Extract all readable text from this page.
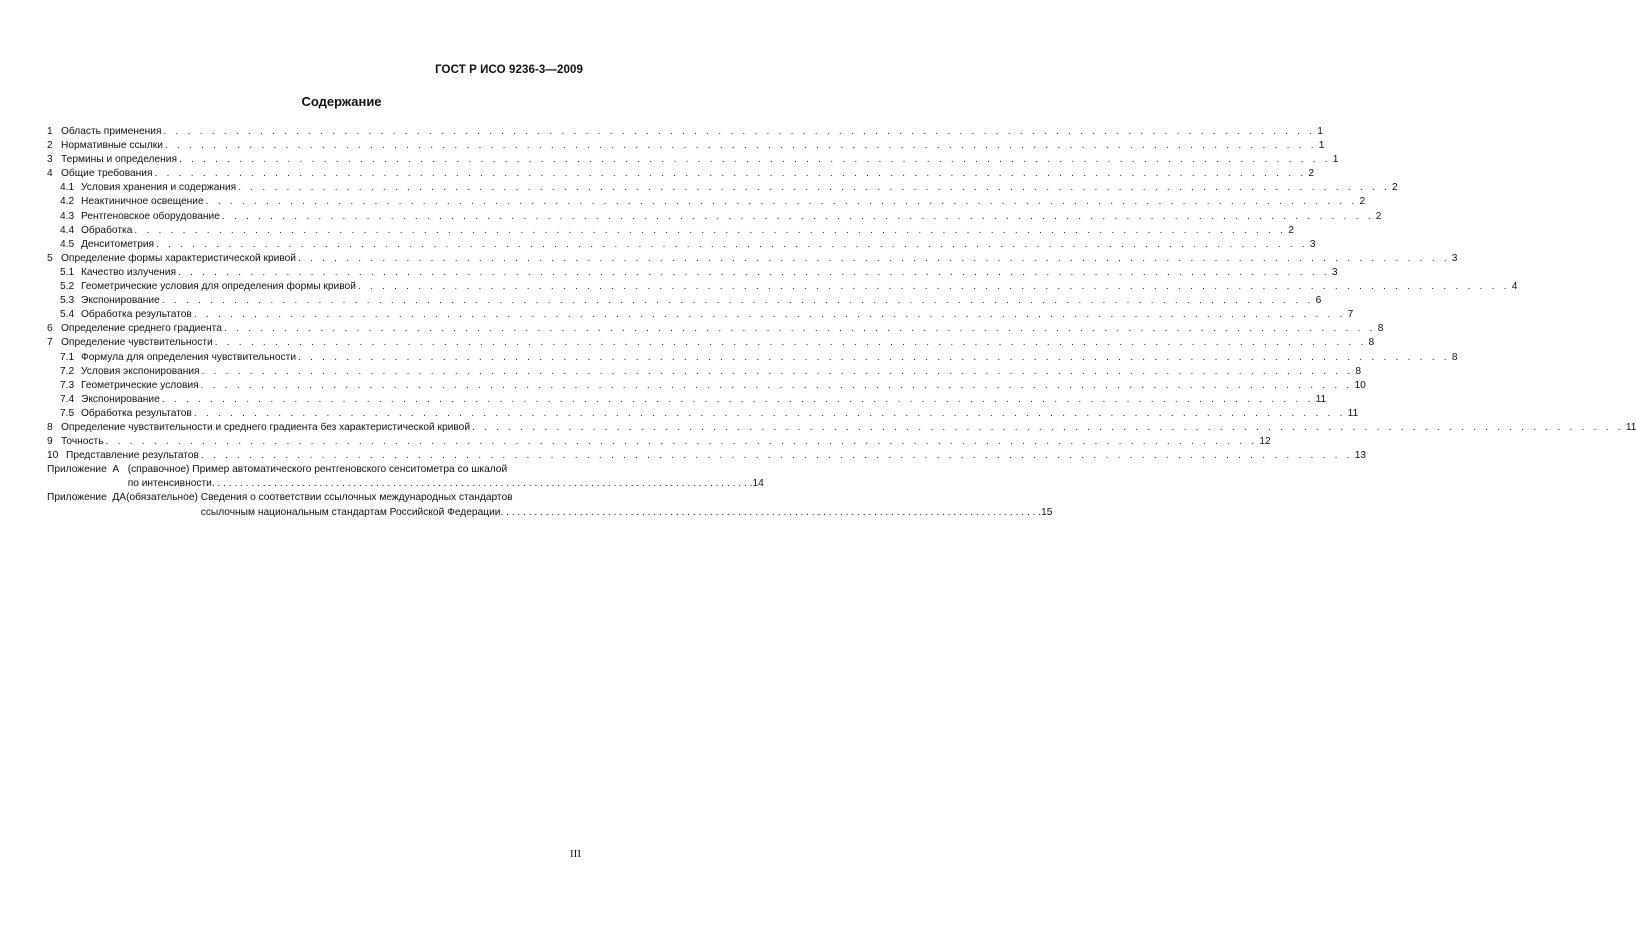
ГОСТ Р ИСО 9236-3—2009
Содержание
1 Область применения . . . . . . . . . . . . . . . . . . . . . . . . . . . . . . . . . . . . . . . . . . . . . . . . . . . . . . . . . . . . . . . . . . . . . . . . . . . . . . . . . . . . . . . . . . . . . . . . 1
2 Нормативные ссылки . . . . . . . . . . . . . . . . . . . . . . . . . . . . . . . . . . . . . . . . . . . . . . . . . . . . . . . . . . . . . . . . . . . . . . . . . . . . . . . . . . . . . . . . . . . . . . . . 1
3 Термины и определения . . . . . . . . . . . . . . . . . . . . . . . . . . . . . . . . . . . . . . . . . . . . . . . . . . . . . . . . . . . . . . . . . . . . . . . . . . . . . . . . . . . . . . . . . . . . . . . . 1
4 Общие требования . . . . . . . . . . . . . . . . . . . . . . . . . . . . . . . . . . . . . . . . . . . . . . . . . . . . . . . . . . . . . . . . . . . . . . . . . . . . . . . . . . . . . . . . . . . . . . . . 2
4.1 Условия хранения и содержания . . . . . . . . . . . . . . . . . . . . . . . . . . . . . . . . . . . . . . . . . . . . . . . . . . . . . . . . . . . . . . . . . . . . . . . . . . . . . . . . . . . . . . . . . . . . . . . . 2
4.2 Неактиничное освещение . . . . . . . . . . . . . . . . . . . . . . . . . . . . . . . . . . . . . . . . . . . . . . . . . . . . . . . . . . . . . . . . . . . . . . . . . . . . . . . . . . . . . . . . . . . . . . . . 2
4.3 Рентгеновское оборудование . . . . . . . . . . . . . . . . . . . . . . . . . . . . . . . . . . . . . . . . . . . . . . . . . . . . . . . . . . . . . . . . . . . . . . . . . . . . . . . . . . . . . . . . . . . . . . . . 2
4.4 Обработка . . . . . . . . . . . . . . . . . . . . . . . . . . . . . . . . . . . . . . . . . . . . . . . . . . . . . . . . . . . . . . . . . . . . . . . . . . . . . . . . . . . . . . . . . . . . . . . . 2
4.5 Денситометрия . . . . . . . . . . . . . . . . . . . . . . . . . . . . . . . . . . . . . . . . . . . . . . . . . . . . . . . . . . . . . . . . . . . . . . . . . . . . . . . . . . . . . . . . . . . . . . . . 3
5 Определение формы характеристической кривой . . . . . . . . . . . . . . . . . . . . . . . . . . . . . . . . . . . . . . . . . . . . . . . . . . . . . . . . . . . . . . . . . . . . . . . . . . . . . . . . . . . . . . . . . . . . . . . . 3
5.1 Качество излучения . . . . . . . . . . . . . . . . . . . . . . . . . . . . . . . . . . . . . . . . . . . . . . . . . . . . . . . . . . . . . . . . . . . . . . . . . . . . . . . . . . . . . . . . . . . . . . . . 3
5.2 Геометрические условия для определения формы кривой . . . . . . . . . . . . . . . . . . . . . . . . . . . . . . . . . . . . . . . . . . . . . . . . . . . . . . . . . . . . . . . . . . . . . . . . . . . . . . . . . . . . . . . . . . . . . . . . 4
5.3 Экспонирование . . . . . . . . . . . . . . . . . . . . . . . . . . . . . . . . . . . . . . . . . . . . . . . . . . . . . . . . . . . . . . . . . . . . . . . . . . . . . . . . . . . . . . . . . . . . . . . . 6
5.4 Обработка результатов . . . . . . . . . . . . . . . . . . . . . . . . . . . . . . . . . . . . . . . . . . . . . . . . . . . . . . . . . . . . . . . . . . . . . . . . . . . . . . . . . . . . . . . . . . . . . . . . 7
6 Определение среднего градиента . . . . . . . . . . . . . . . . . . . . . . . . . . . . . . . . . . . . . . . . . . . . . . . . . . . . . . . . . . . . . . . . . . . . . . . . . . . . . . . . . . . . . . . . . . . . . . . . 8
7 Определение чувствительности . . . . . . . . . . . . . . . . . . . . . . . . . . . . . . . . . . . . . . . . . . . . . . . . . . . . . . . . . . . . . . . . . . . . . . . . . . . . . . . . . . . . . . . . . . . . . . . . 8
7.1 Формула для определения чувствительности . . . . . . . . . . . . . . . . . . . . . . . . . . . . . . . . . . . . . . . . . . . . . . . . . . . . . . . . . . . . . . . . . . . . . . . . . . . . . . . . . . . . . . . . . . . . . . . . 8
7.2 Условия экспонирования . . . . . . . . . . . . . . . . . . . . . . . . . . . . . . . . . . . . . . . . . . . . . . . . . . . . . . . . . . . . . . . . . . . . . . . . . . . . . . . . . . . . . . . . . . . . . . . . 8
7.3 Геометрические условия . . . . . . . . . . . . . . . . . . . . . . . . . . . . . . . . . . . . . . . . . . . . . . . . . . . . . . . . . . . . . . . . . . . . . . . . . . . . . . . . . . . . . . . . . . . . . . . . 10
7.4 Экспонирование . . . . . . . . . . . . . . . . . . . . . . . . . . . . . . . . . . . . . . . . . . . . . . . . . . . . . . . . . . . . . . . . . . . . . . . . . . . . . . . . . . . . . . . . . . . . . . . . 11
7.5 Обработка результатов . . . . . . . . . . . . . . . . . . . . . . . . . . . . . . . . . . . . . . . . . . . . . . . . . . . . . . . . . . . . . . . . . . . . . . . . . . . . . . . . . . . . . . . . . . . . . . . . 11
8 Определение чувствительности и среднего градиента без характеристической кривой . . . . . . . . . . . . . . . . . . . . . . . . . . . . . . . . . . . . . . . . . . . . . . . . . . . . . . . . . . . . . . . . . . . . . . . . . . . . . . . . . . . . . . . . . . . . . . . . 11
9 Точность . . . . . . . . . . . . . . . . . . . . . . . . . . . . . . . . . . . . . . . . . . . . . . . . . . . . . . . . . . . . . . . . . . . . . . . . . . . . . . . . . . . . . . . . . . . . . . . . 12
10 Представление результатов . . . . . . . . . . . . . . . . . . . . . . . . . . . . . . . . . . . . . . . . . . . . . . . . . . . . . . . . . . . . . . . . . . . . . . . . . . . . . . . . . . . . . . . . . . . . . . . . 13
Приложение  А   (справочное) Пример автоматического рентгеновского сенситометра со шкалой
по интенсивности . . . . . . . . . . . . . . . . . . . . . . . . . . . . . . . . . . . . . . . . . . . . . . . . . . . . . . . . . . . . . . . . . . . . . . . . . . . . . . . . . . . . . . . . . . . . . . . . 14
Приложение  ДА(обязательное) Сведения о соответствии ссылочных международных стандартов
ссылочным национальным стандартам Российской Федерации . . . . . . . . . . . . . . . . . . . . . . . . . . . . . . . . . . . . . . . . . . . . . . . . . . . . . . . . . . . . . . . . . . . . . . . . . . . . . . . . . . . . . . . . . . . . . . . . 15
III
